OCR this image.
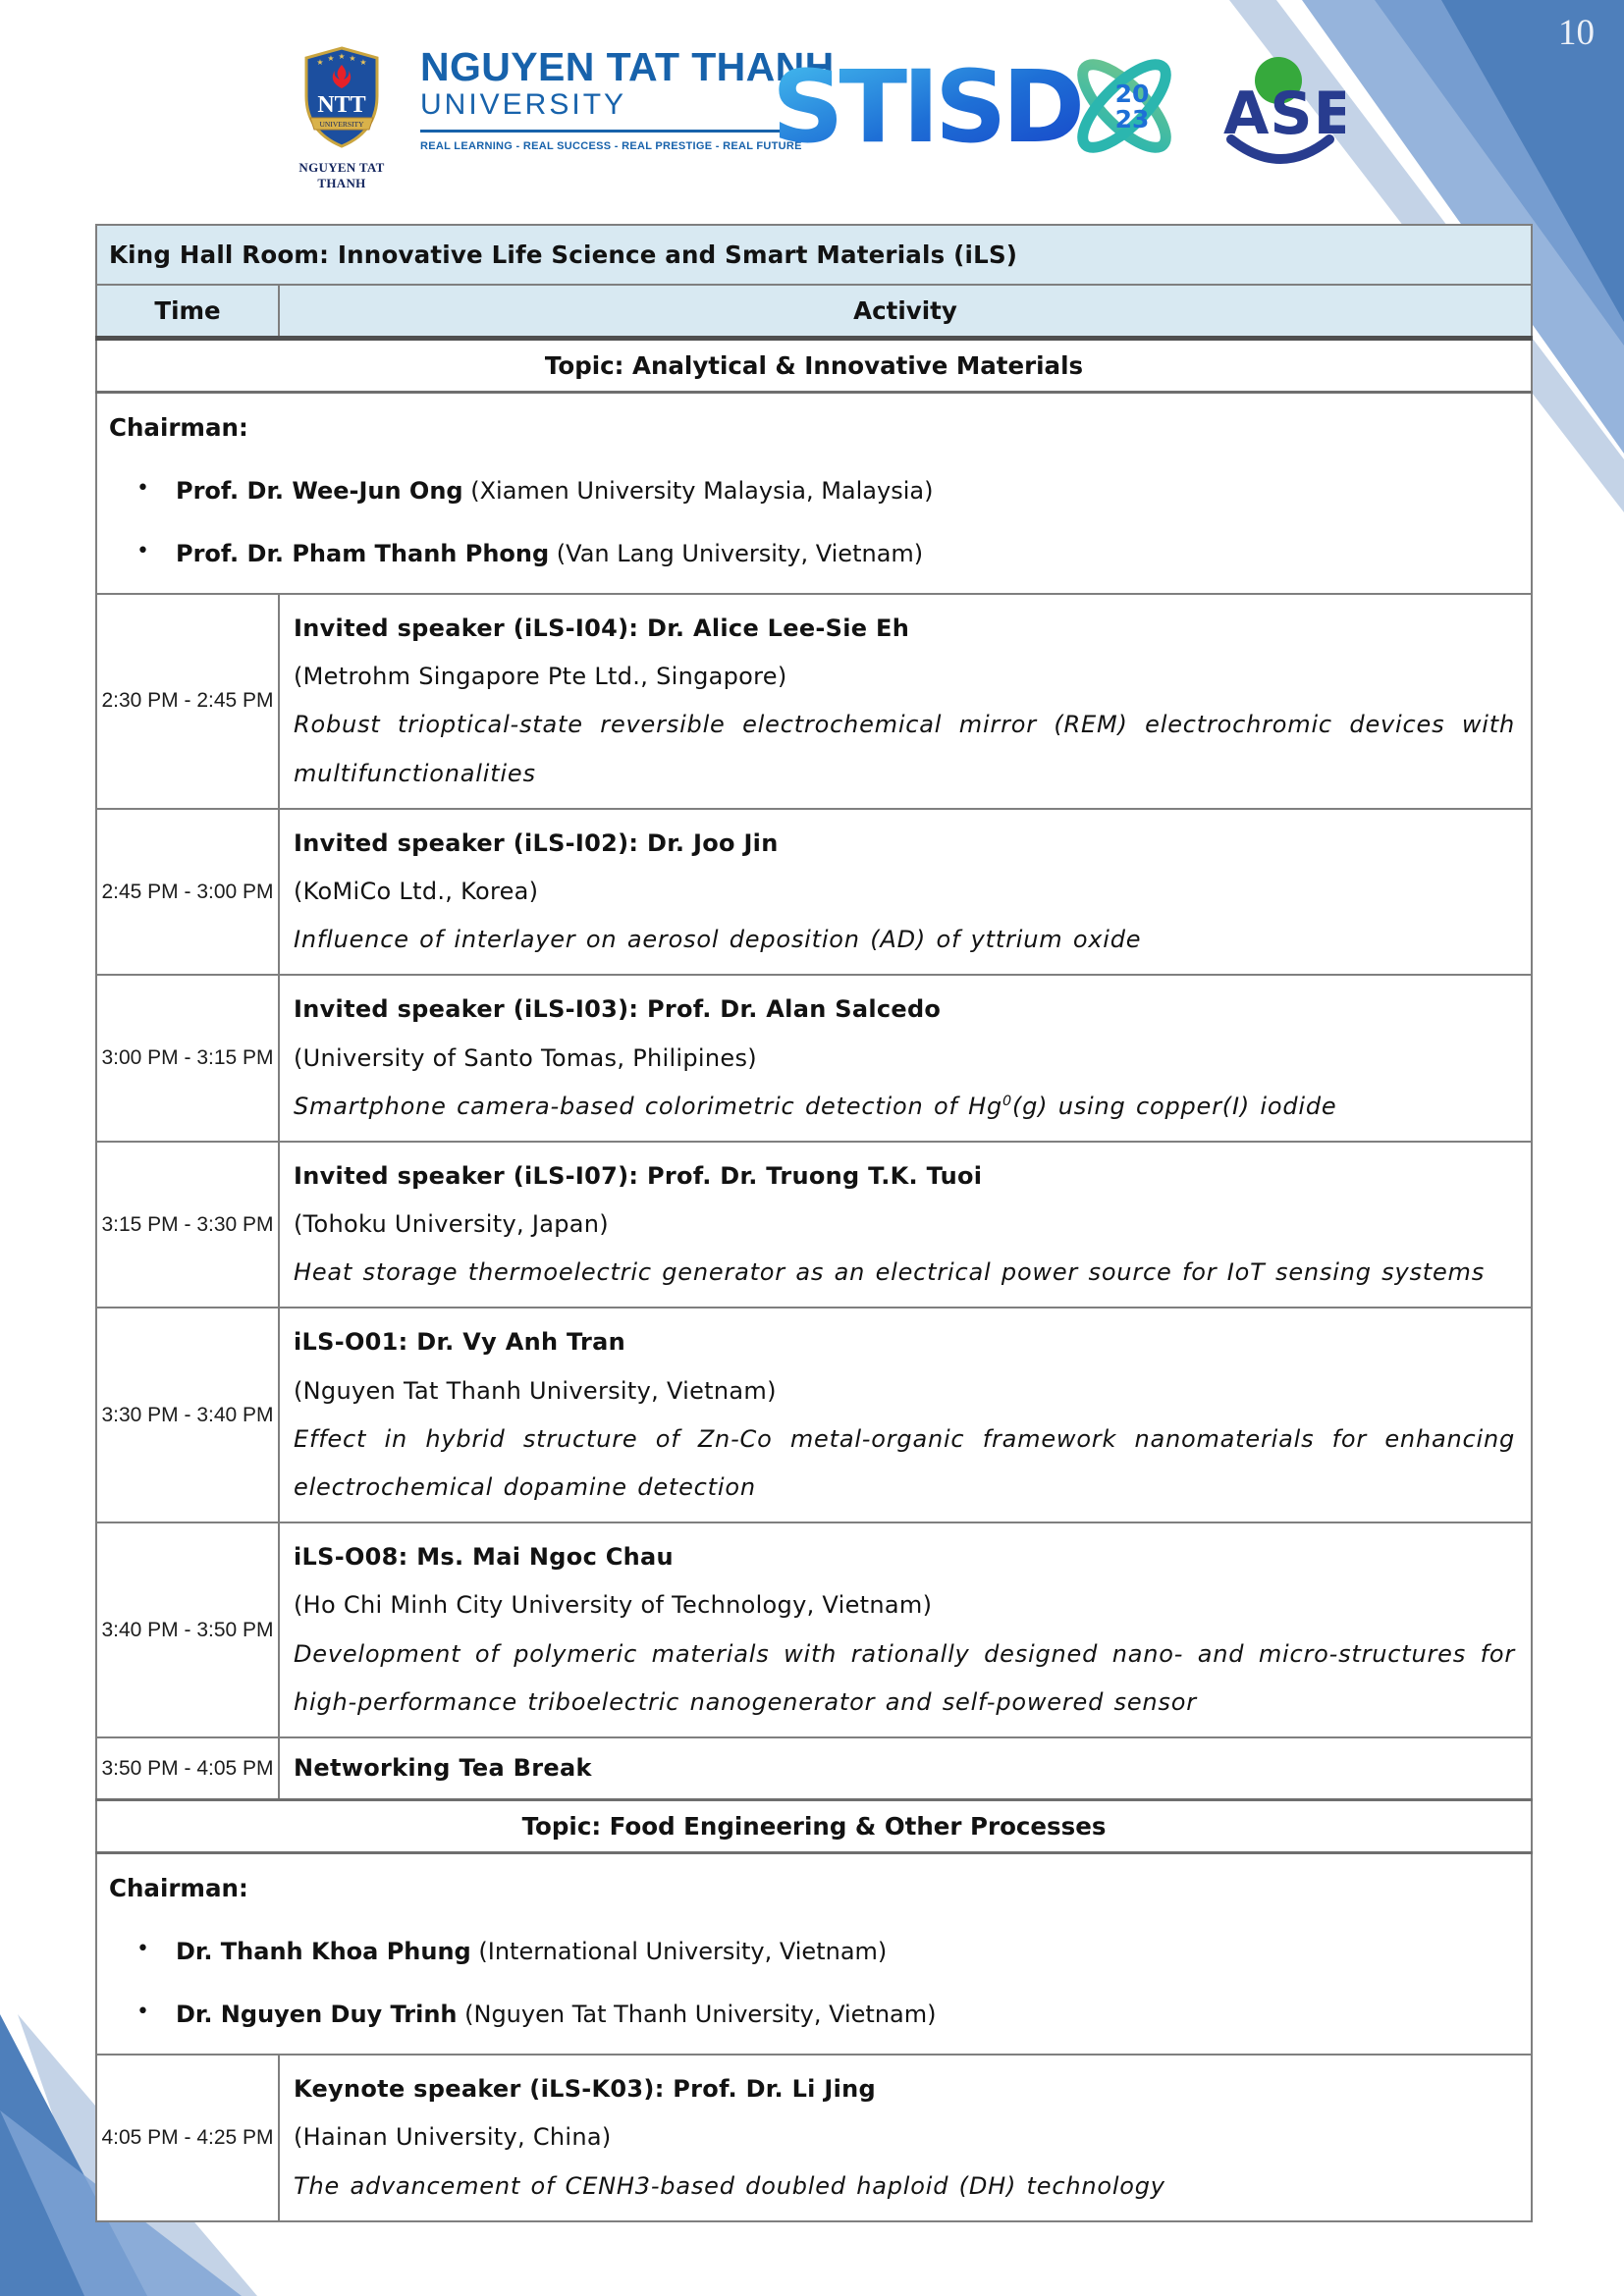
10
★ ★ ★ ★ ★
NTT
UNIVERSITY
NGUYEN TAT THANH
NGUYEN TAT THANH
UNIVERSITY
REAL LEARNING - REAL SUCCESS - REAL PRESTIGE - REAL FUTURE
STISD 20
23 ASE
King Hall Room: Innovative Life Science and Smart Materials (iLS)	
Time	Activity
Topic: Analytical & Innovative Materials	

Chairman:
• Prof. Dr. Wee-Jun Ong (Xiamen University Malaysia, Malaysia)
• Prof. Dr. Pham Thanh Phong (Van Lang University, Vietnam)	

2:30 PM - 2:45 PM	Invited speaker (iLS-I04): Dr. Alice Lee-Sie Eh

(Metrohm Singapore Pte Ltd., Singapore)

Robust trioptical-state reversible electrochemical mirror (REM) electrochromic devices with multifunctionalities

2:45 PM - 3:00 PM	Invited speaker (iLS-I02): Dr. Joo Jin

(KoMiCo Ltd., Korea)

Influence of interlayer on aerosol deposition (AD) of yttrium oxide

3:00 PM - 3:15 PM	Invited speaker (iLS-I03): Prof. Dr. Alan Salcedo

(University of Santo Tomas, Philipines)

Smartphone camera-based colorimetric detection of Hg$^0$(g) using copper(I) iodide

3:15 PM - 3:30 PM	Invited speaker (iLS-I07): Prof. Dr. Truong T.K. Tuoi

(Tohoku University, Japan)

Heat storage thermoelectric generator as an electrical power source for IoT sensing systems

3:30 PM - 3:40 PM	iLS-O01: Dr. Vy Anh Tran

(Nguyen Tat Thanh University, Vietnam)

Effect in hybrid structure of Zn-Co metal-organic framework nanomaterials for enhancing electrochemical dopamine detection

3:40 PM - 3:50 PM	iLS-O08: Ms. Mai Ngoc Chau

(Ho Chi Minh City University of Technology, Vietnam)

Development of polymeric materials with rationally designed nano- and micro-structures for high-performance triboelectric nanogenerator and self-powered sensor

3:50 PM - 4:05 PM	Networking Tea Break

Topic: Food Engineering & Other Processes	

Chairman:
• Dr. Thanh Khoa Phung (International University, Vietnam)
• Dr. Nguyen Duy Trinh (Nguyen Tat Thanh University, Vietnam)	

4:05 PM - 4:25 PM	Keynote speaker (iLS-K03): Prof. Dr. Li Jing

(Hainan University, China)

The advancement of CENH3-based doubled haploid (DH) technology
